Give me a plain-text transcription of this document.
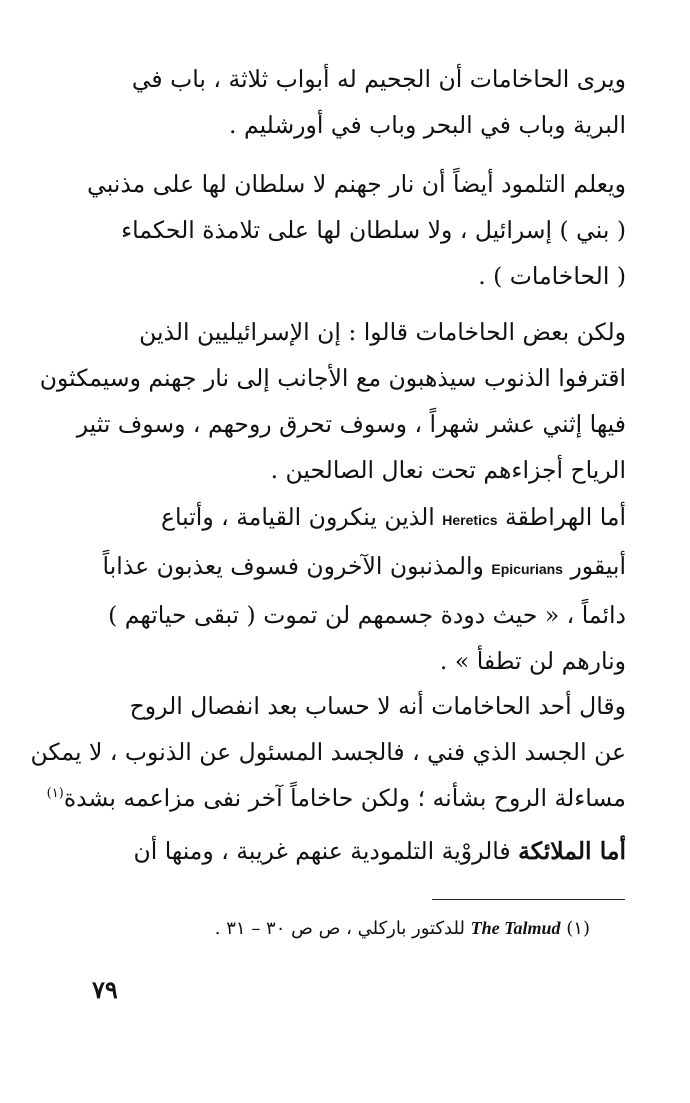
ويرى الحاخامات أن الجحيم له أبواب ثلاثة ، باب في
البرية وباب في البحر وباب في أورشليم .

ويعلم التلمود أيضاً أن نار جهنم لا سلطان لها على مذنبي
( بني ) إسرائيل ، ولا سلطان لها على تلامذة الحكماء
( الحاخامات ) .

ولكن بعض الحاخامات قالوا : إن الإسرائيليين الذين
اقترفوا الذنوب سيذهبون مع الأجانب إلى نار جهنم وسيمكثون
فيها إثني عشر شهراً ، وسوف تحرق روحهم ، وسوف تثير
الرياح أجزاءهم تحت نعال الصالحين .

أما الهراطقة Heretics الذين ينكرون القيامة ، وأتباع
أبيقور Epicurians والمذنبون الآخرون فسوف يعذبون عذاباً
دائماً ، « حيث دودة جسمهم لن تموت ( تبقى حياتهم )
ونارهم لن تطفأ » .

وقال أحد الحاخامات أنه لا حساب بعد انفصال الروح
عن الجسد الذي فني ، فالجسد المسئول عن الذنوب ، لا يمكن
مساءلة الروح بشأنه ؛ ولكن حاخاماً آخر نفى مزاعمه بشدة$^{(١)}$

أما الملائكة فالروْية التلمودية عنهم غريبة ، ومنها أن

(١) The Talmud للدكتور باركلي ، ص ص ٣٠ – ٣١ .
٧٩
